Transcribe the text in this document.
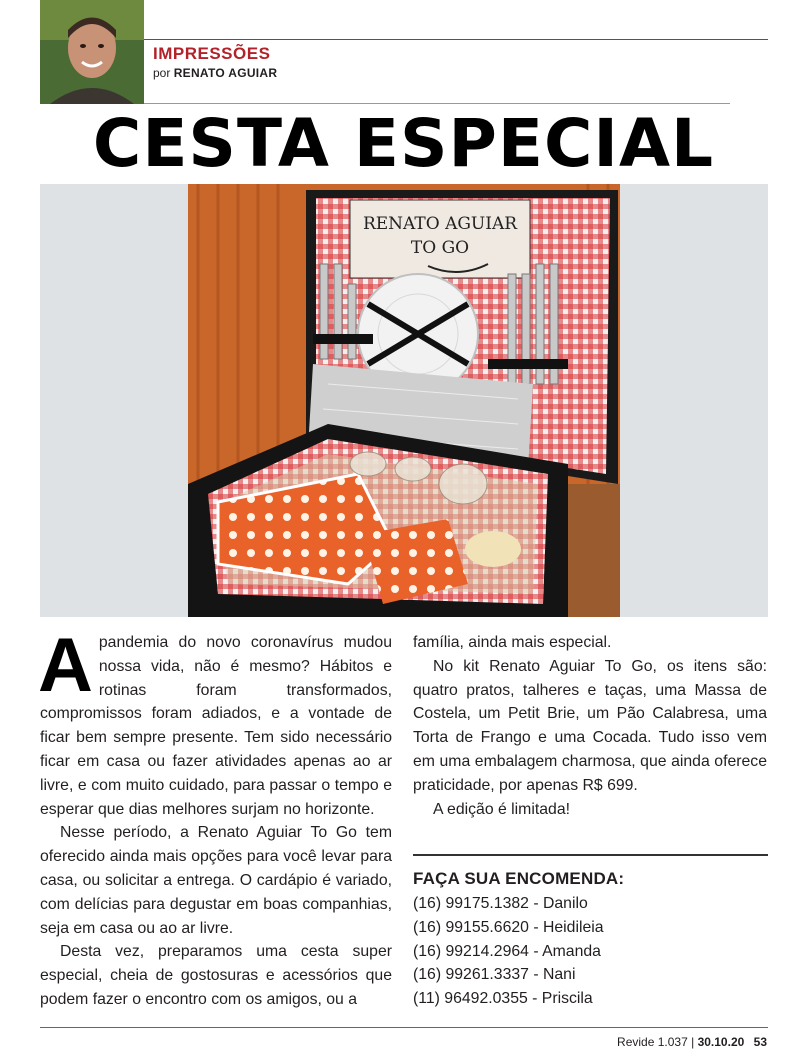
IMPRESSÕES
por RENATO AGUIAR
CESTA ESPECIAL
RENATO AGUIAR
TO GO

A pandemia do novo coronavírus mudou nossa vida, não é mesmo? Hábitos e rotinas foram transformados, compromissos foram adiados, e a vontade de ficar bem sempre presente. Tem sido necessário ficar em casa ou fazer atividades apenas ao ar livre, e com muito cuidado, para passar o tempo e esperar que dias melhores surjam no horizonte.

Nesse período, a Renato Aguiar To Go tem oferecido ainda mais opções para você levar para casa, ou solicitar a entrega. O cardápio é variado, com delícias para degustar em boas companhias, seja em casa ou ao ar livre.

Desta vez, preparamos uma cesta super especial, cheia de gostosuras e acessórios que podem fazer o encontro com os amigos, ou a

família, ainda mais especial.

No kit Renato Aguiar To Go, os itens são: quatro pratos, talheres e taças, uma Massa de Costela, um Petit Brie, um Pão Calabresa, uma Torta de Frango e uma Cocada. Tudo isso vem em uma embalagem charmosa, que ainda oferece praticidade, por apenas R$ 699.

A edição é limitada!

FAÇA SUA ENCOMENDA:
(16) 99175.1382 - Danilo
(16) 99155.6620 - Heidileia
(16) 99214.2964 - Amanda
(16) 99261.3337 - Nani
(11) 96492.0355 - Priscila
Revide 1.037 | 30.10.20 53
